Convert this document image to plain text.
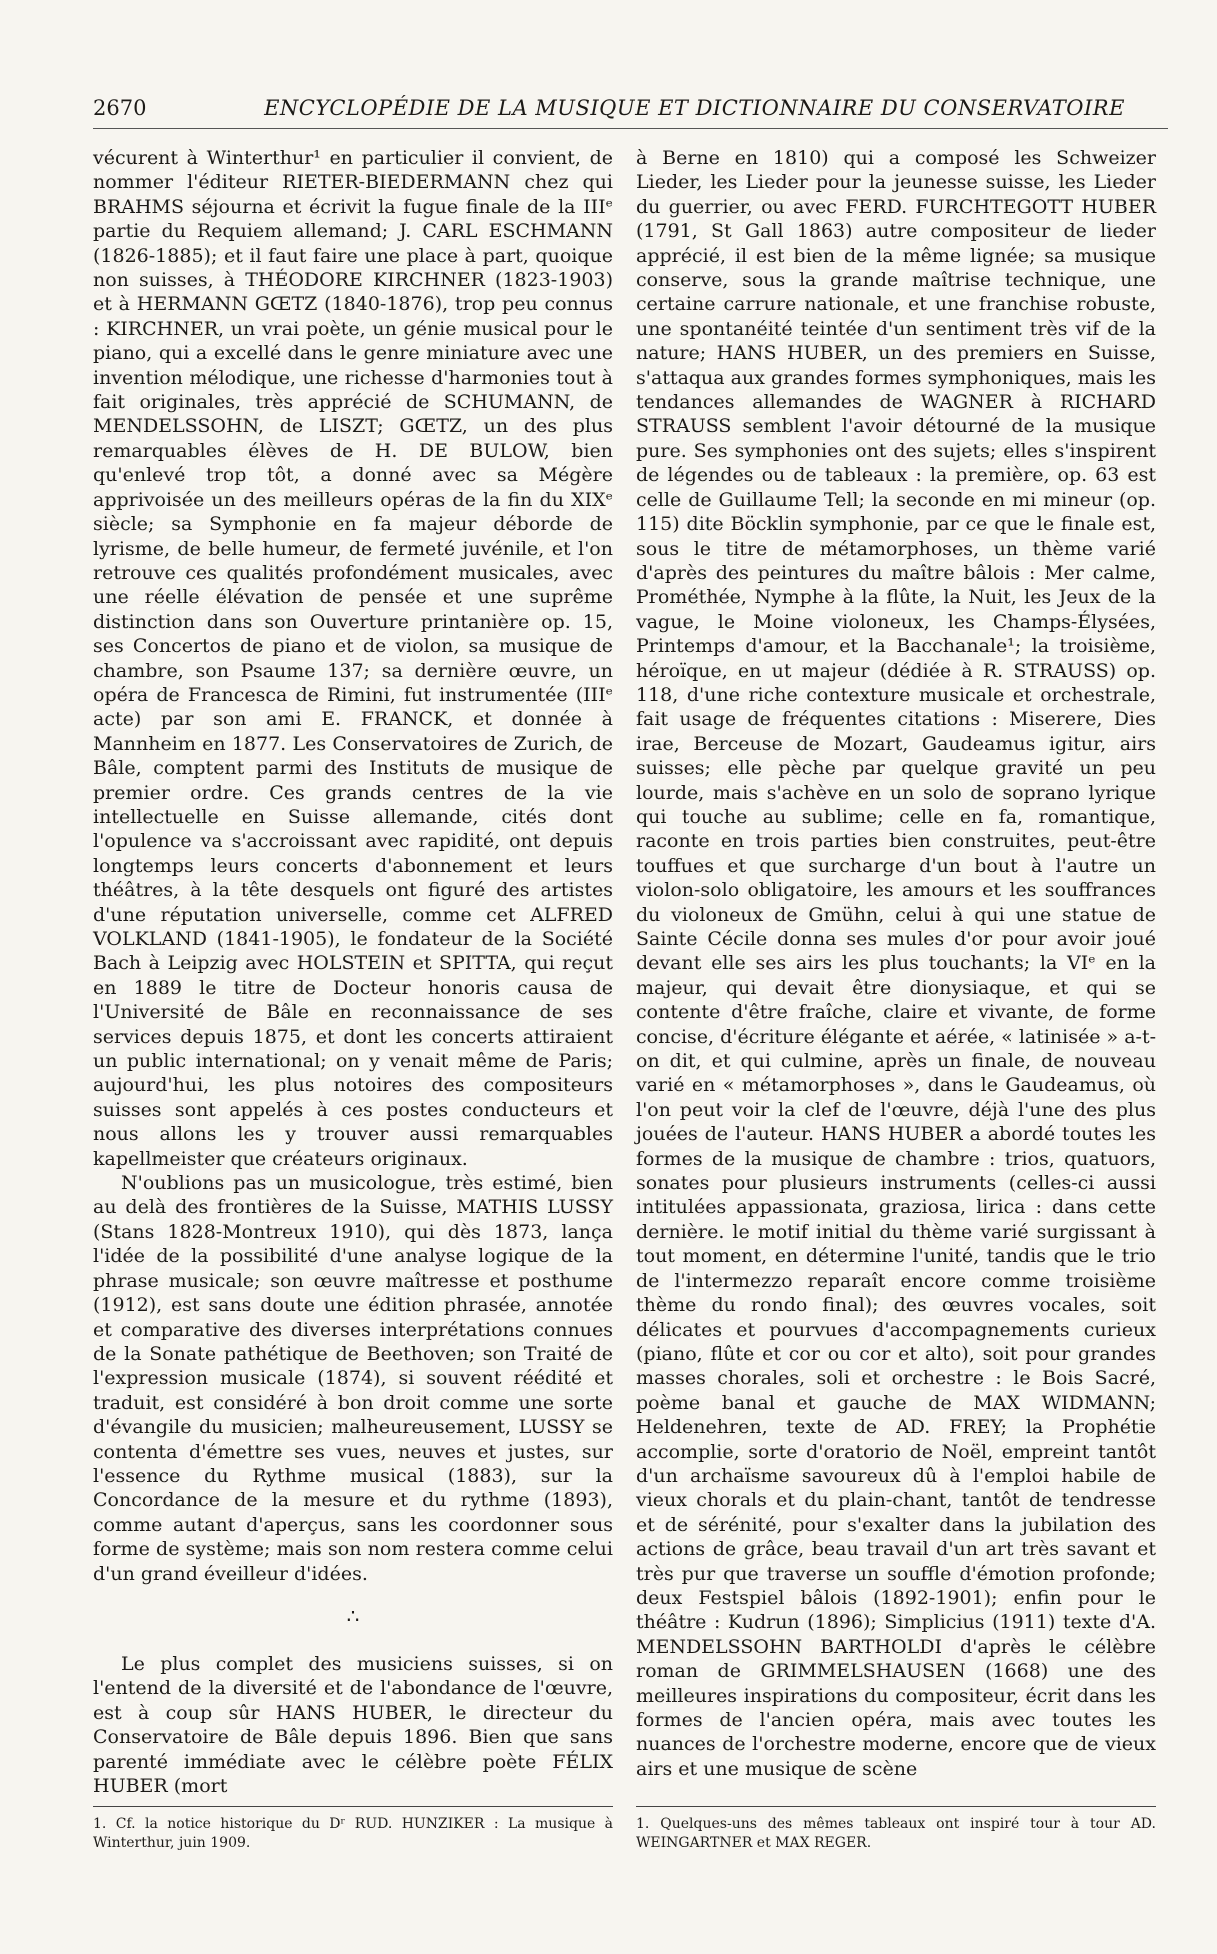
2670	ENCYCLOPÉDIE DE LA MUSIQUE ET DICTIONNAIRE DU CONSERVATOIRE

vécurent à Winterthur¹ en particulier il convient, de nommer l'éditeur RIETER-BIEDERMANN chez qui BRAHMS séjourna et écrivit la fugue finale de la IIIᵉ partie du Requiem allemand; J. CARL ESCHMANN (1826-1885); et il faut faire une place à part, quoique non suisses, à THÉODORE KIRCHNER (1823-1903) et à HERMANN GŒTZ (1840-1876), trop peu connus : KIRCHNER, un vrai poète, un génie musical pour le piano, qui a excellé dans le genre miniature avec une invention mélodique, une richesse d'harmonies tout à fait originales, très apprécié de SCHUMANN, de MENDELSSOHN, de LISZT; GŒTZ, un des plus remarquables élèves de H. DE BULOW, bien qu'enlevé trop tôt, a donné avec sa Mégère apprivoisée un des meilleurs opéras de la fin du XIXᵉ siècle; sa Symphonie en fa majeur déborde de lyrisme, de belle humeur, de fermeté juvénile, et l'on retrouve ces qualités profondément musicales, avec une réelle élévation de pensée et une suprême distinction dans son Ouverture printanière op. 15, ses Concertos de piano et de violon, sa musique de chambre, son Psaume 137; sa dernière œuvre, un opéra de Francesca de Rimini, fut instrumentée (IIIᵉ acte) par son ami E. FRANCK, et donnée à Mannheim en 1877. Les Conservatoires de Zurich, de Bâle, comptent parmi des Instituts de musique de premier ordre. Ces grands centres de la vie intellectuelle en Suisse allemande, cités dont l'opulence va s'accroissant avec rapidité, ont depuis longtemps leurs concerts d'abonnement et leurs théâtres, à la tête desquels ont figuré des artistes d'une réputation universelle, comme cet ALFRED VOLKLAND (1841-1905), le fondateur de la Société Bach à Leipzig avec HOLSTEIN et SPITTA, qui reçut en 1889 le titre de Docteur honoris causa de l'Université de Bâle en reconnaissance de ses services depuis 1875, et dont les concerts attiraient un public international; on y venait même de Paris; aujourd'hui, les plus notoires des compositeurs suisses sont appelés à ces postes conducteurs et nous allons les y trouver aussi remarquables kapellmeister que créateurs originaux.

N'oublions pas un musicologue, très estimé, bien au delà des frontières de la Suisse, MATHIS LUSSY (Stans 1828-Montreux 1910), qui dès 1873, lança l'idée de la possibilité d'une analyse logique de la phrase musicale; son œuvre maîtresse et posthume (1912), est sans doute une édition phrasée, annotée et comparative des diverses interprétations connues de la Sonate pathétique de Beethoven; son Traité de l'expression musicale (1874), si souvent réédité et traduit, est considéré à bon droit comme une sorte d'évangile du musicien; malheureusement, LUSSY se contenta d'émettre ses vues, neuves et justes, sur l'essence du Rythme musical (1883), sur la Concordance de la mesure et du rythme (1893), comme autant d'aperçus, sans les coordonner sous forme de système; mais son nom restera comme celui d'un grand éveilleur d'idées.

∴

Le plus complet des musiciens suisses, si on l'entend de la diversité et de l'abondance de l'œuvre, est à coup sûr HANS HUBER, le directeur du Conservatoire de Bâle depuis 1896. Bien que sans parenté immédiate avec le célèbre poète FÉLIX HUBER (mort

à Berne en 1810) qui a composé les Schweizer Lieder, les Lieder pour la jeunesse suisse, les Lieder du guerrier, ou avec FERD. FURCHTEGOTT HUBER (1791, St Gall 1863) autre compositeur de lieder apprécié, il est bien de la même lignée; sa musique conserve, sous la grande maîtrise technique, une certaine carrure nationale, et une franchise robuste, une spontanéité teintée d'un sentiment très vif de la nature; HANS HUBER, un des premiers en Suisse, s'attaqua aux grandes formes symphoniques, mais les tendances allemandes de WAGNER à RICHARD STRAUSS semblent l'avoir détourné de la musique pure. Ses symphonies ont des sujets; elles s'inspirent de légendes ou de tableaux : la première, op. 63 est celle de Guillaume Tell; la seconde en mi mineur (op. 115) dite Böcklin symphonie, par ce que le finale est, sous le titre de métamorphoses, un thème varié d'après des peintures du maître bâlois : Mer calme, Prométhée, Nymphe à la flûte, la Nuit, les Jeux de la vague, le Moine violoneux, les Champs-Élysées, Printemps d'amour, et la Bacchanale¹; la troisième, héroïque, en ut majeur (dédiée à R. STRAUSS) op. 118, d'une riche contexture musicale et orchestrale, fait usage de fréquentes citations : Miserere, Dies irae, Berceuse de Mozart, Gaudeamus igitur, airs suisses; elle pèche par quelque gravité un peu lourde, mais s'achève en un solo de soprano lyrique qui touche au sublime; celle en fa, romantique, raconte en trois parties bien construites, peut-être touffues et que surcharge d'un bout à l'autre un violon-solo obligatoire, les amours et les souffrances du violoneux de Gmühn, celui à qui une statue de Sainte Cécile donna ses mules d'or pour avoir joué devant elle ses airs les plus touchants; la VIᵉ en la majeur, qui devait être dionysiaque, et qui se contente d'être fraîche, claire et vivante, de forme concise, d'écriture élégante et aérée, « latinisée » a-t-on dit, et qui culmine, après un finale, de nouveau varié en « métamorphoses », dans le Gaudeamus, où l'on peut voir la clef de l'œuvre, déjà l'une des plus jouées de l'auteur. HANS HUBER a abordé toutes les formes de la musique de chambre : trios, quatuors, sonates pour plusieurs instruments (celles-ci aussi intitulées appassionata, graziosa, lirica : dans cette dernière. le motif initial du thème varié surgissant à tout moment, en détermine l'unité, tandis que le trio de l'intermezzo reparaît encore comme troisième thème du rondo final); des œuvres vocales, soit délicates et pourvues d'accompagnements curieux (piano, flûte et cor ou cor et alto), soit pour grandes masses chorales, soli et orchestre : le Bois Sacré, poème banal et gauche de MAX WIDMANN; Heldenehren, texte de AD. FREY; la Prophétie accomplie, sorte d'oratorio de Noël, empreint tantôt d'un archaïsme savoureux dû à l'emploi habile de vieux chorals et du plain-chant, tantôt de tendresse et de sérénité, pour s'exalter dans la jubilation des actions de grâce, beau travail d'un art très savant et très pur que traverse un souffle d'émotion profonde; deux Festspiel bâlois (1892-1901); enfin pour le théâtre : Kudrun (1896); Simplicius (1911) texte d'A. MENDELSSOHN BARTHOLDI d'après le célèbre roman de GRIMMELSHAUSEN (1668) une des meilleures inspirations du compositeur, écrit dans les formes de l'ancien opéra, mais avec toutes les nuances de l'orchestre moderne, encore que de vieux airs et une musique de scène

1. Cf. la notice historique du Dʳ RUD. HUNZIKER : La musique à Winterthur, juin 1909.
1. Quelques-uns des mêmes tableaux ont inspiré tour à tour AD. WEINGARTNER et MAX REGER.
